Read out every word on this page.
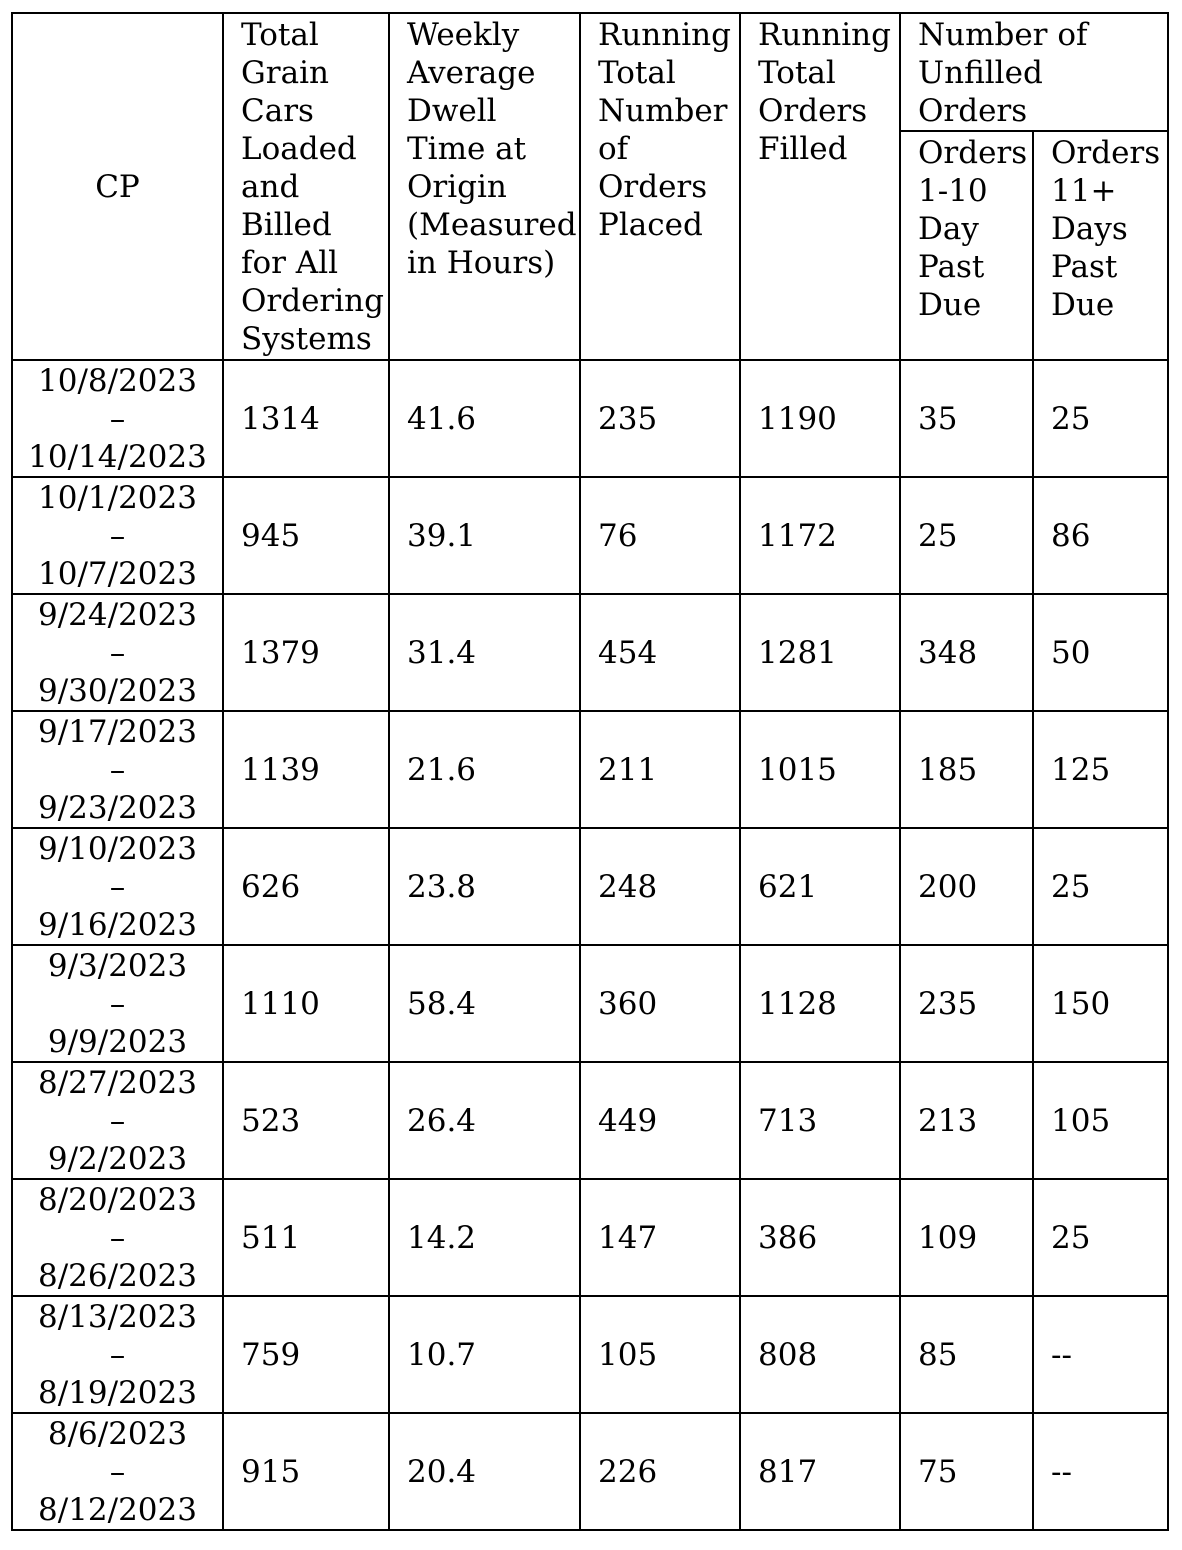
CP	Total Grain Cars Loaded and Billed for All Ordering Systems	Weekly Average Dwell Time at Origin (Measured in Hours)	Running Total Number of Orders Placed	Running Total Orders Filled	Number of Unfilled Orders	
					Orders 1-10 Day Past Due	Orders 11+ Days Past Due

10/8/2023
–
10/14/2023	1314	41.6	235	1190	35	25

10/1/2023
–
10/7/2023	945	39.1	76	1172	25	86

9/24/2023
–
9/30/2023	1379	31.4	454	1281	348	50

9/17/2023
–
9/23/2023	1139	21.6	211	1015	185	125

9/10/2023
–
9/16/2023	626	23.8	248	621	200	25

9/3/2023
–
9/9/2023	1110	58.4	360	1128	235	150

8/27/2023
–
9/2/2023	523	26.4	449	713	213	105

8/20/2023
–
8/26/2023	511	14.2	147	386	109	25

8/13/2023
–
8/19/2023	759	10.7	105	808	85	--

8/6/2023
–
8/12/2023	915	20.4	226	817	75	--
